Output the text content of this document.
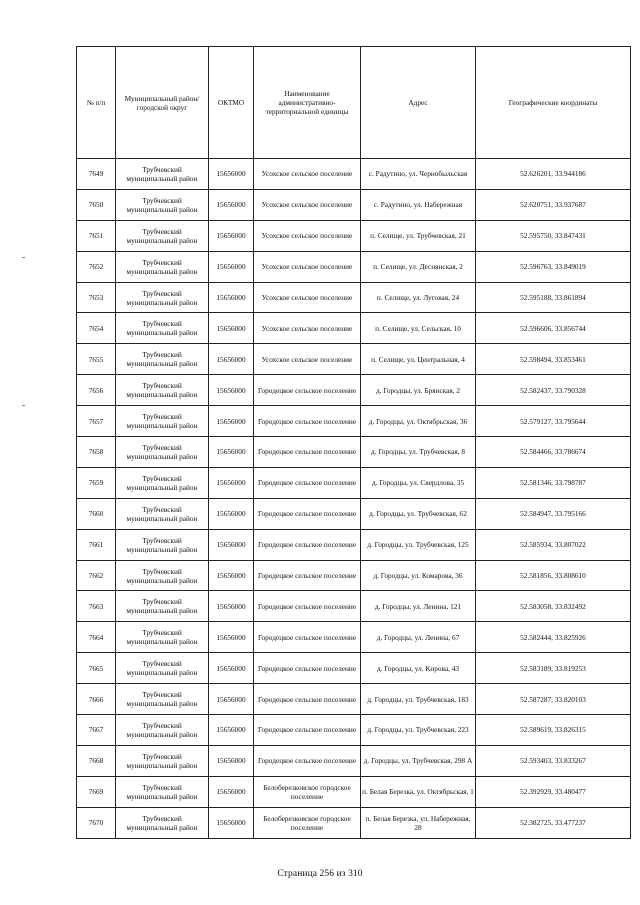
№ п/п	Муниципальный район/городской округ	ОКТМО	Наименование административно-территориальной единицы	Адрес	Географические координаты
7649	Трубчевский муниципальный район	15656000	Усохское сельское поселение	с. Радутино, ул. Чернобыльская	52.626201, 33.944186
7650	Трубчевский муниципальный район	15656000	Усохское сельское поселение	с. Радутино, ул. Набережная	52.620751, 33.937687
7651	Трубчевский муниципальный район	15656000	Усохское сельское поселение	п. Селище, ул. Трубчевская, 21	52.595750, 33.847431
7652	Трубчевский муниципальный район	15656000	Усохское сельское поселение	п. Селище, ул. Деснянская, 2	52.596763, 33.849019
7653	Трубчевский муниципальный район	15656000	Усохское сельское поселение	п. Селище, ул. Луговая, 24	52.595188, 33.861894
7654	Трубчевский муниципальный район	15656000	Усохское сельское поселение	п. Селище, ул. Сельская, 10	52.596606, 33.856744
7655	Трубчевский муниципальный район	15656000	Усохское сельское поселение	п. Селище, ул. Центральная, 4	52.598494, 33.853461
7656	Трубчевский муниципальный район	15656000	Городецкое сельское поселение	д. Городцы, ул. Брянская, 2	52.582437, 33.790328
7657	Трубчевский муниципальный район	15656000	Городецкое сельское поселение	д. Городцы, ул. Октябрьская, 36	52.579127, 33.795644
7658	Трубчевский муниципальный район	15656000	Городецкое сельское поселение	д. Городцы, ул. Трубчевская, 8	52.584466, 33.786674
7659	Трубчевский муниципальный район	15656000	Городецкое сельское поселение	д. Городцы, ул. Свердлова, 35	52.581346, 33.798787
7660	Трубчевский муниципальный район	15656000	Городецкое сельское поселение	д. Городцы, ул. Трубчевская, 62	52.584947, 33.795166
7661	Трубчевский муниципальный район	15656000	Городецкое сельское поселение	д. Городцы, ул. Трубчевская, 125	52.585934, 33.807022
7662	Трубчевский муниципальный район	15656000	Городецкое сельское поселение	д. Городцы, ул. Комарова, 36	52.581856, 33.808610
7663	Трубчевский муниципальный район	15656000	Городецкое сельское поселение	д. Городцы, ул. Ленина, 121	52.583058, 33.832492
7664	Трубчевский муниципальный район	15656000	Городецкое сельское поселение	д. Городцы, ул. Ленина, 67	52.582444, 33.825926
7665	Трубчевский муниципальный район	15656000	Городецкое сельское поселение	д. Городцы, ул. Кирова, 43	52.583189, 33.819253
7666	Трубчевский муниципальный район	15656000	Городецкое сельское поселение	д. Городцы, ул. Трубчевская, 183	52.587287, 33.820103
7667	Трубчевский муниципальный район	15656000	Городецкое сельское поселение	д. Городцы, ул. Трубчевская, 223	52.589619, 33.826315
7668	Трубчевский муниципальный район	15656000	Городецкое сельское поселение	д. Городцы, ул. Трубчевская, 298 А	52.593403, 33.833267
7669	Трубчевский муниципальный район	15656000	Белоберезковское городское поселение	п. Белая Березка, ул. Октябрьская, 1	52.392929, 33.480477
7670	Трубчевский муниципальный район	15656000	Белоберезковское городское поселение	п. Белая Березка, ул. Набережная, 28	52.382725, 33.477237
Страница 256 из 310
